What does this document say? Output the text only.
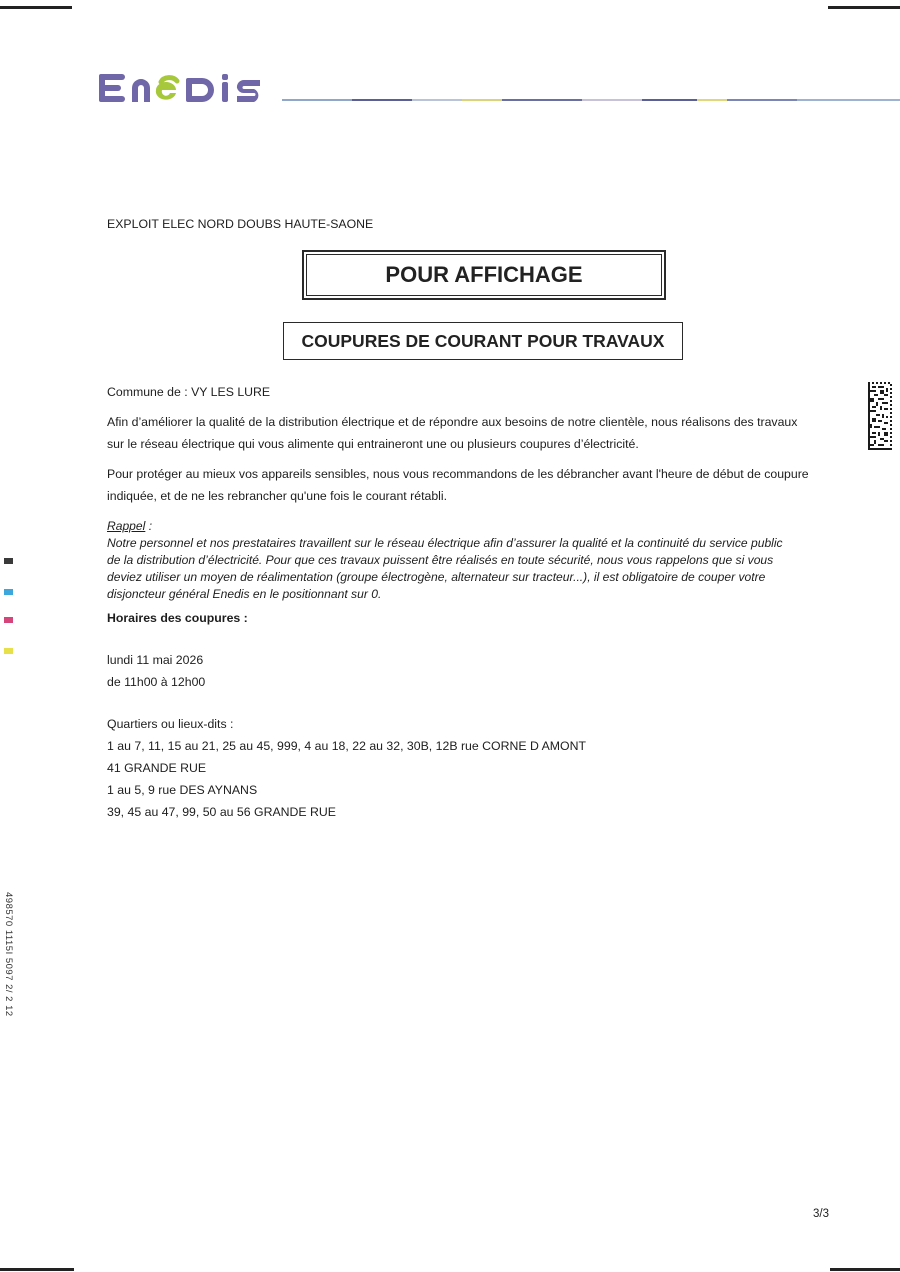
EXPLOIT ELEC NORD DOUBS HAUTE-SAONE
POUR AFFICHAGE
COUPURES DE COURANT POUR TRAVAUX
Commune de : VY LES LURE
Afin d’améliorer la qualité de la distribution électrique et de répondre aux besoins de notre clientèle, nous réalisons des travaux
sur le réseau électrique qui vous alimente qui entraineront une ou plusieurs coupures d’électricité.
Pour protéger au mieux vos appareils sensibles, nous vous recommandons de les débrancher avant l'heure de début de coupure
indiquée, et de ne les rebrancher qu'une fois le courant rétabli.
Rappel :
Notre personnel et nos prestataires travaillent sur le réseau électrique afin d’assurer la qualité et la continuité du service public
de la distribution d’électricité. Pour que ces travaux puissent être réalisés en toute sécurité, nous vous rappelons que si vous
deviez utiliser un moyen de réalimentation (groupe électrogène, alternateur sur tracteur...), il est obligatoire de couper votre
disjoncteur général Enedis en le positionnant sur 0.
Horaires des coupures :
lundi 11 mai 2026
de 11h00 à 12h00
Quartiers ou lieux-dits :
1 au 7, 11, 15 au 21, 25 au 45, 999, 4 au 18, 22 au 32, 30B, 12B rue CORNE D AMONT
41 GRANDE RUE
1 au 5, 9 rue DES AYNANS
39, 45 au 47, 99, 50 au 56 GRANDE RUE
498570 1115I 5097 2/ 2 12
3/3
